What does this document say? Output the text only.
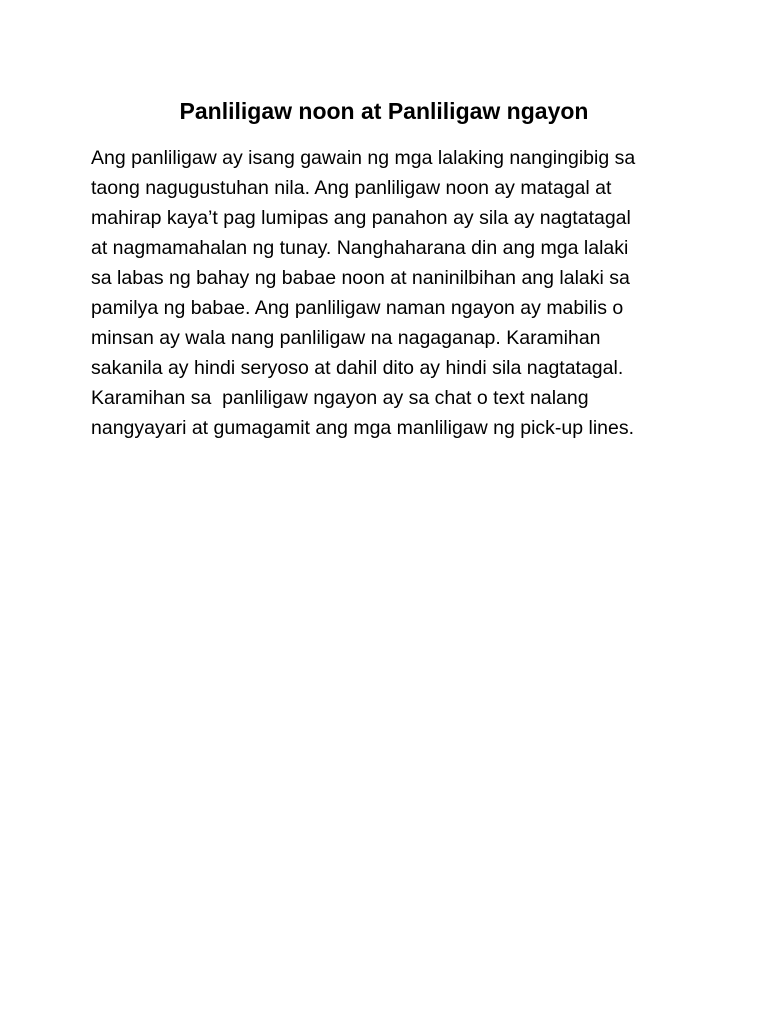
Panliligaw noon at Panliligaw ngayon
Ang panliligaw ay isang gawain ng mga lalaking nangingibig sa
taong nagugustuhan nila. Ang panliligaw noon ay matagal at
mahirap kaya’t pag lumipas ang panahon ay sila ay nagtatagal
at nagmamahalan ng tunay. Nanghaharana din ang mga lalaki
sa labas ng bahay ng babae noon at naninilbihan ang lalaki sa
pamilya ng babae. Ang panliligaw naman ngayon ay mabilis o
minsan ay wala nang panliligaw na nagaganap. Karamihan
sakanila ay hindi seryoso at dahil dito ay hindi sila nagtatagal.
Karamihan sa  panliligaw ngayon ay sa chat o text nalang
nangyayari at gumagamit ang mga manliligaw ng pick-up lines.
